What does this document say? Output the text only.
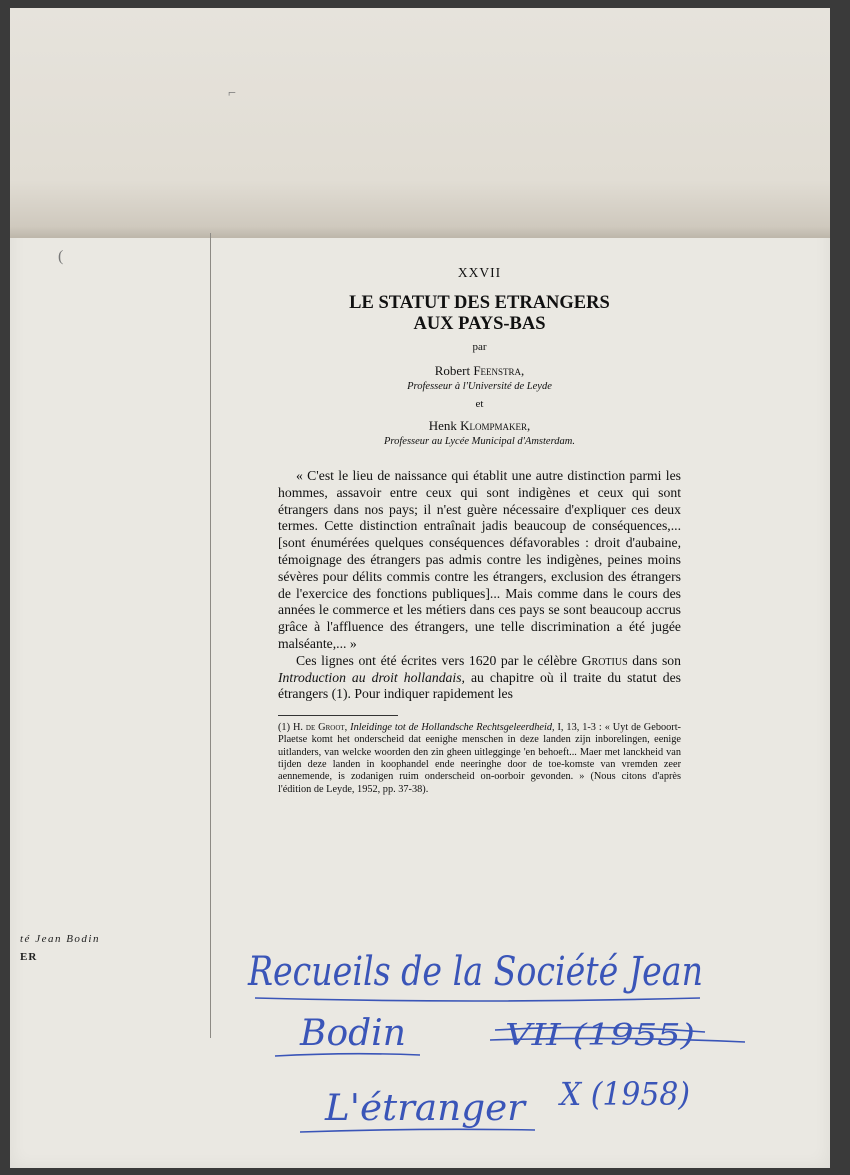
⌐
(
té Jean Bodin
ER
XXVII
LE STATUT DES ETRANGERS
AUX PAYS-BAS
par
Robert Feenstra,
Professeur à l'Université de Leyde
et
Henk Klompmaker,
Professeur au Lycée Municipal d'Amsterdam.

« C'est le lieu de naissance qui établit une autre distinction parmi les hommes, assavoir entre ceux qui sont indigènes et ceux qui sont étrangers dans nos pays; il n'est guère nécessaire d'expliquer ces deux termes. Cette distinction entraînait jadis beaucoup de conséquences,... [sont énumérées quelques conséquences défavorables : droit d'aubaine, témoignage des étrangers pas admis contre les indigènes, peines moins sévères pour délits commis contre les étrangers, exclusion des étrangers de l'exercice des fonctions publiques]... Mais comme dans le cours des années le commerce et les métiers dans ces pays se sont beaucoup accrus grâce à l'affluence des étrangers, une telle discrimination a été jugée malséante,... »

Ces lignes ont été écrites vers 1620 par le célèbre Grotius dans son Introduction au droit hollandais, au chapitre où il traite du statut des étrangers (1). Pour indiquer rapidement les

(1) H. de Groot, Inleidinge tot de Hollandsche Rechtsgeleerdheid, I, 13, 1-3 : « Uyt de Geboort-Plaetse komt het onderscheid dat eenighe menschen in deze landen zijn inborelingen, eenige uitlanders, van welcke woorden den zin gheen uitlegginge 'en behoeft... Maer met lanckheid van tijden deze landen in koophandel ende neeringhe door de toe-komste van vremden zeer aennemende, is zodanigen ruim onderscheid on-oorboir gevonden. » (Nous citons d'après l'édition de Leyde, 1952, pp. 37-38).
Recueils de la Société Jean
Bodin	VII (1955)
L'étranger X (1958)
